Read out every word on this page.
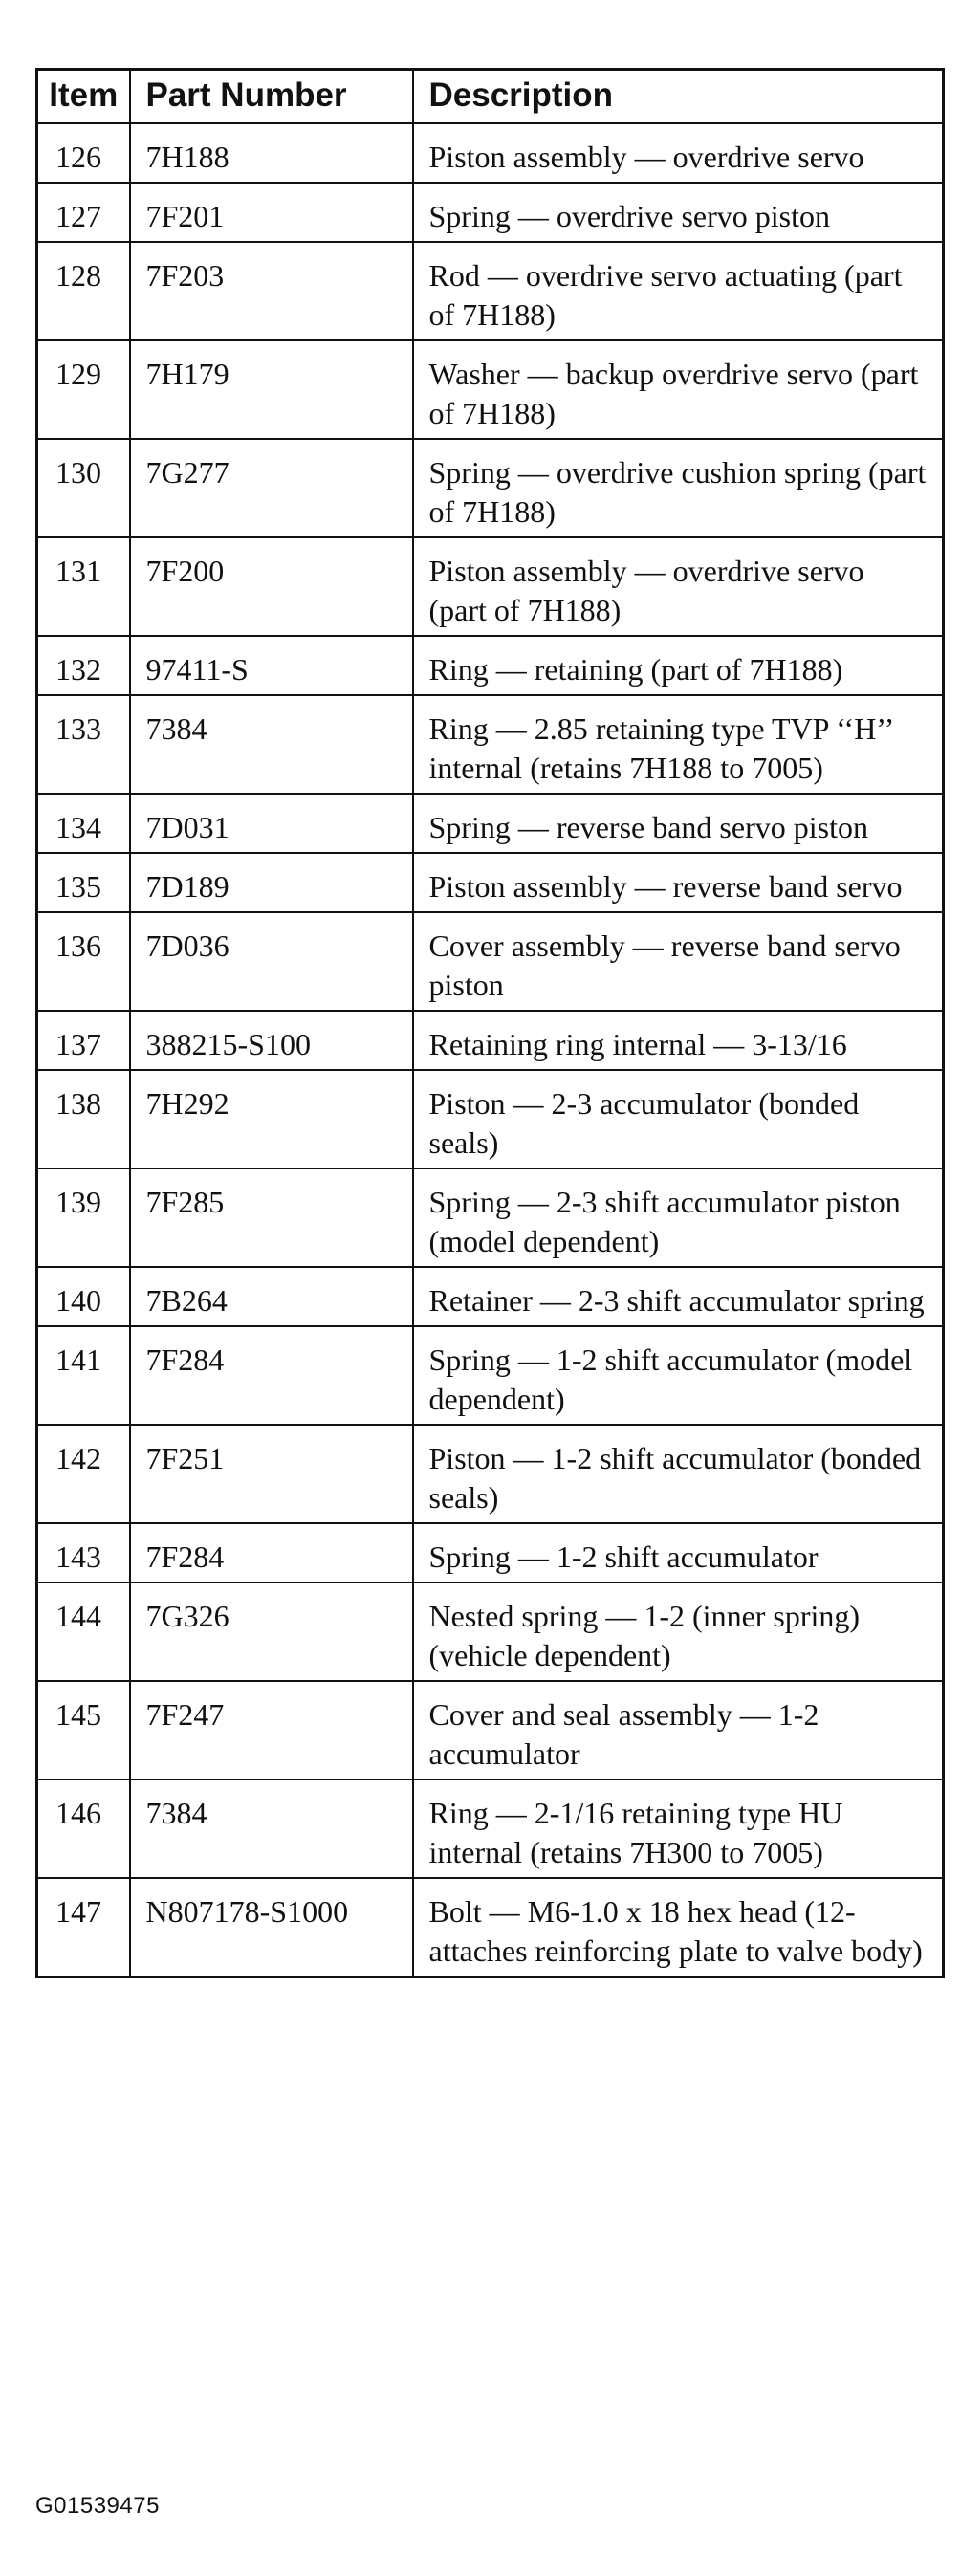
Item	Part Number	Description
126	7H188	Piston assembly — overdrive servo
127	7F201	Spring — overdrive servo piston
128	7F203	Rod — overdrive servo actuating (part of 7H188)
129	7H179	Washer — backup overdrive servo (part of 7H188)
130	7G277	Spring — overdrive cushion spring (part of 7H188)
131	7F200	Piston assembly — overdrive servo (part of 7H188)
132	97411-S	Ring — retaining (part of 7H188)
133	7384	Ring — 2.85 retaining type TVP ‘‘H’’ internal (retains 7H188 to 7005)
134	7D031	Spring — reverse band servo piston
135	7D189	Piston assembly — reverse band servo
136	7D036	Cover assembly — reverse band servo piston
137	388215-S100	Retaining ring internal — 3-13/16
138	7H292	Piston — 2-3 accumulator (bonded seals)
139	7F285	Spring — 2-3 shift accumulator piston (model dependent)
140	7B264	Retainer — 2-3 shift accumulator spring
141	7F284	Spring — 1-2 shift accumulator (model dependent)
142	7F251	Piston — 1-2 shift accumulator (bonded seals)
143	7F284	Spring — 1-2 shift accumulator
144	7G326	Nested spring — 1-2 (inner spring) (vehicle dependent)
145	7F247	Cover and seal assembly — 1-2 accumulator
146	7384	Ring — 2-1/16 retaining type HU internal (retains 7H300 to 7005)
147	N807178-S1000	Bolt — M6-1.0 x 18 hex head (12-attaches reinforcing plate to valve body)
G01539475
